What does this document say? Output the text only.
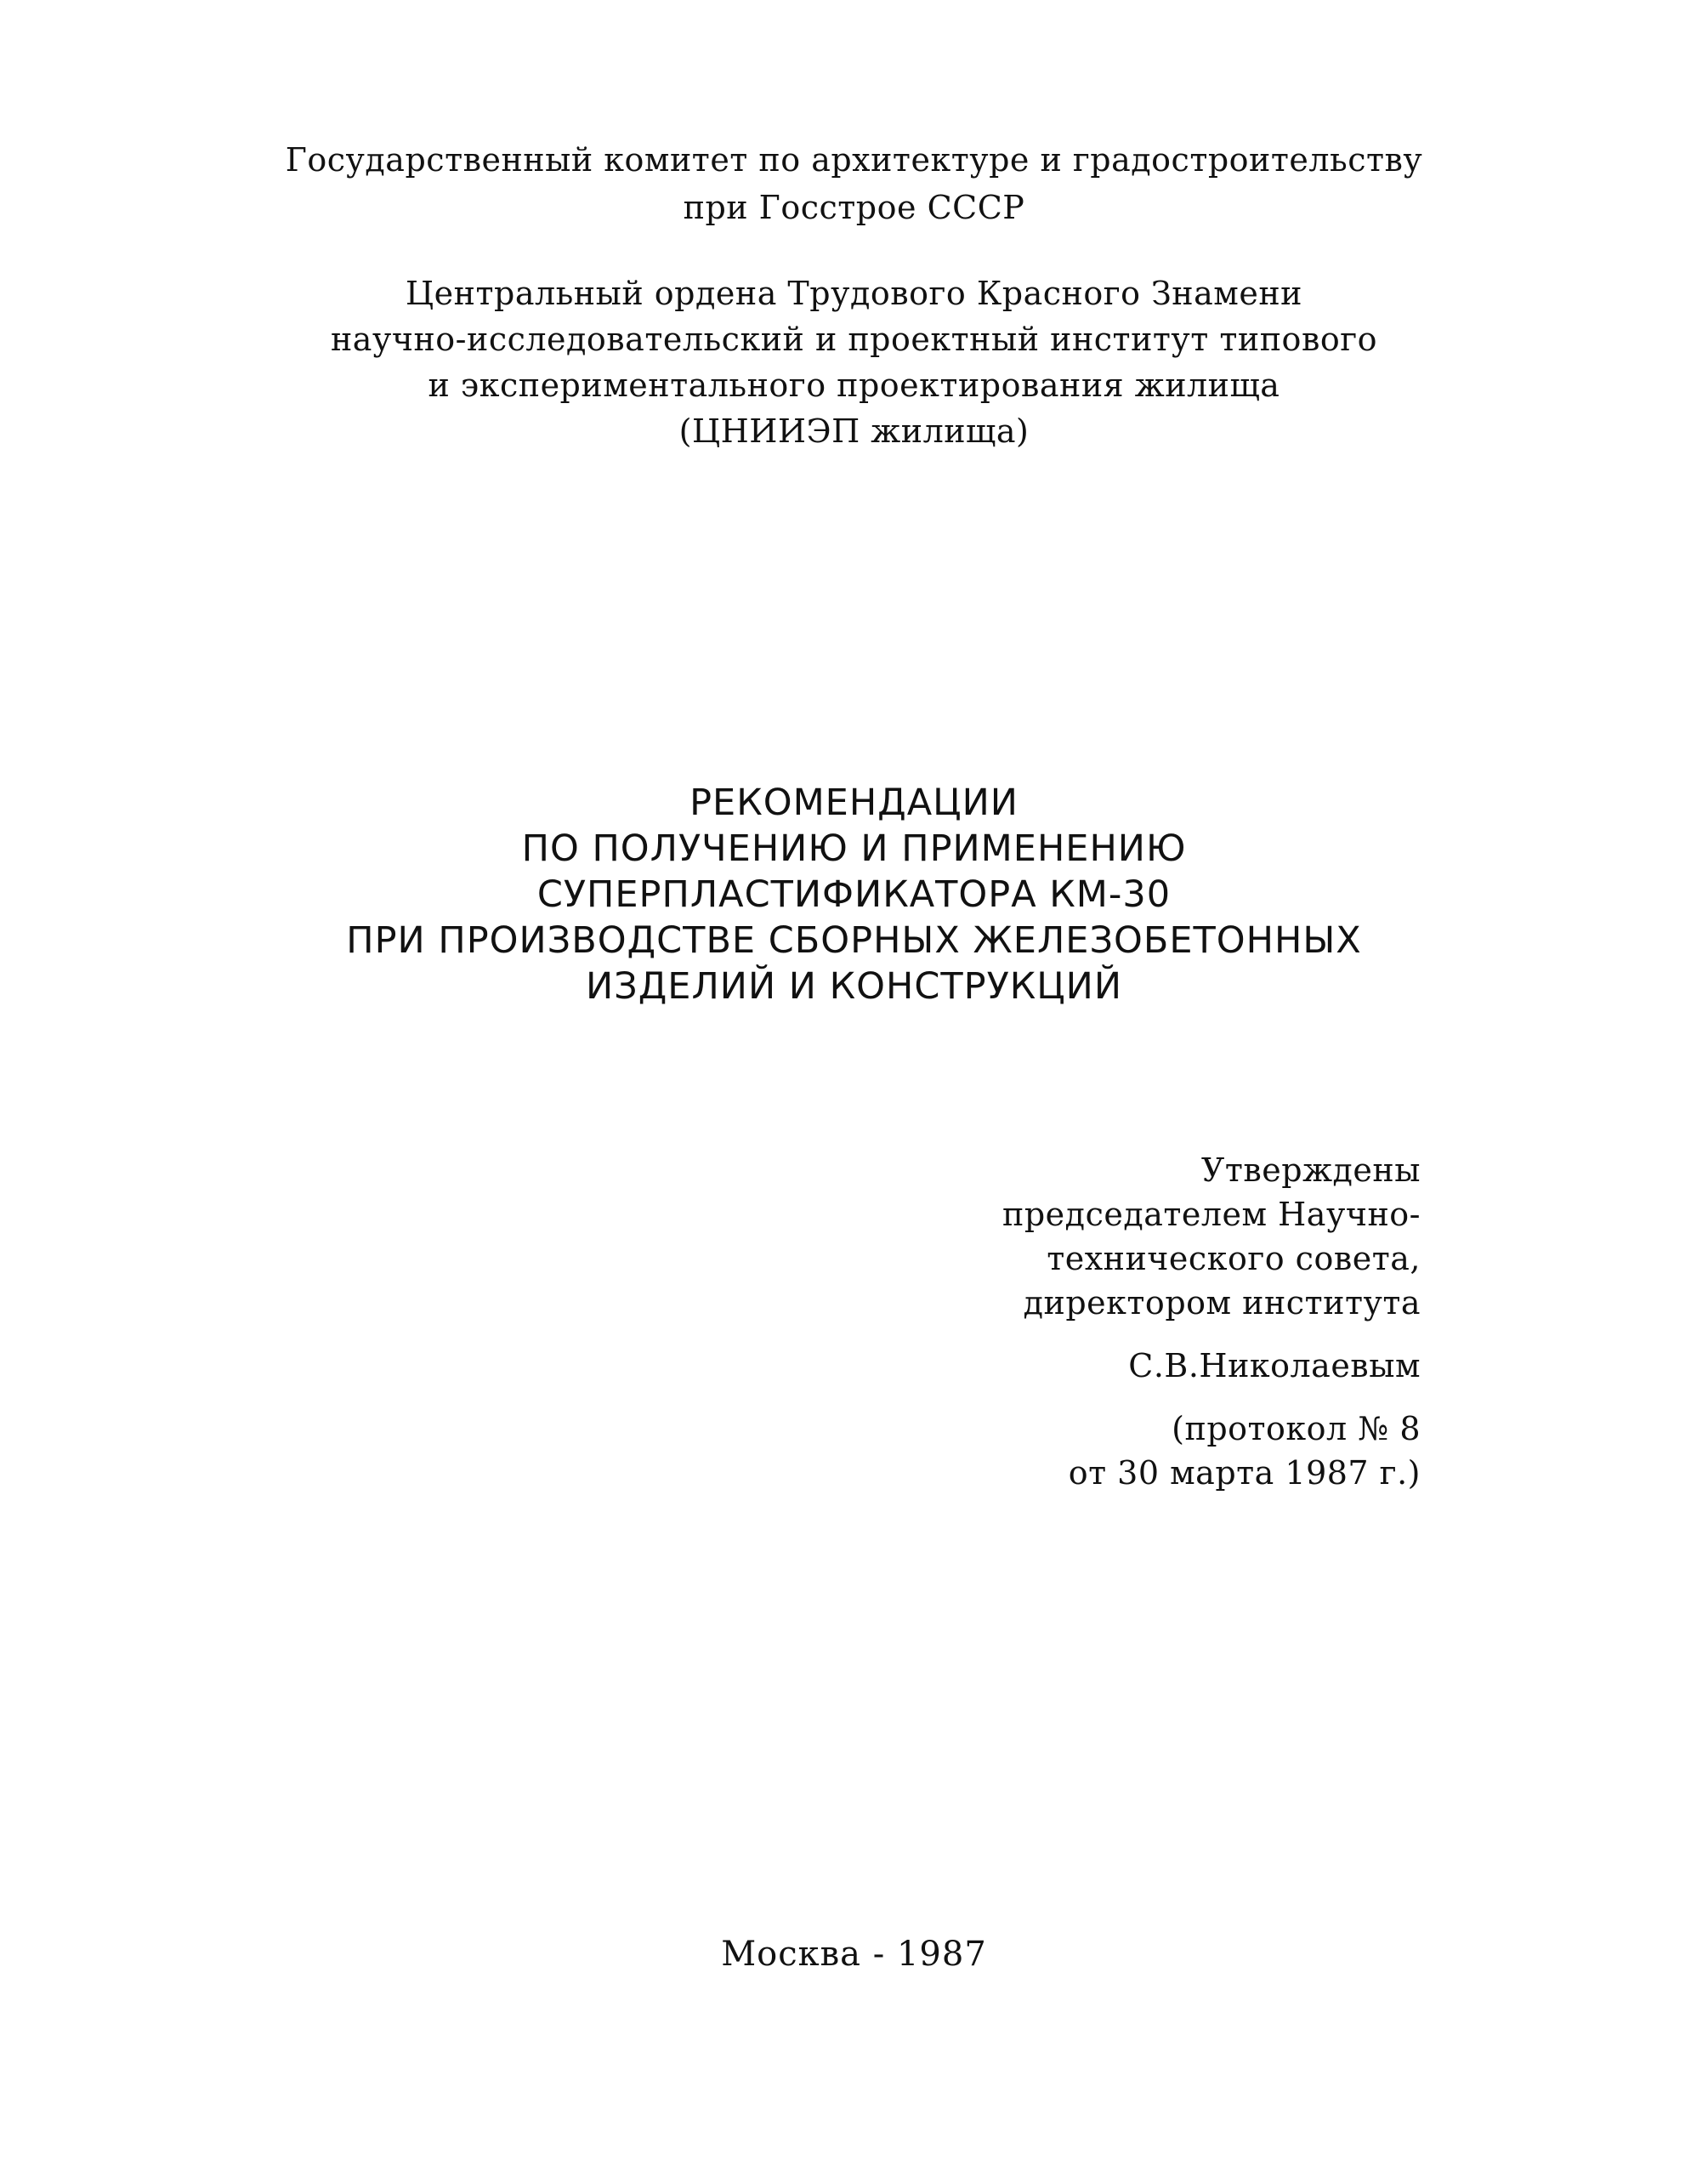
Государственный комитет по архитектуре и градостроительству
при Госстрое СССР
Центральный ордена Трудового Красного Знамени
научно-исследовательский и проектный институт типового
и экспериментального проектирования жилища
(ЦНИИЭП жилища)
РЕКОМЕНДАЦИИ
ПО ПОЛУЧЕНИЮ И ПРИМЕНЕНИЮ
СУПЕРПЛАСТИФИКАТОРА КМ-30
ПРИ ПРОИЗВОДСТВЕ СБОРНЫХ ЖЕЛЕЗОБЕТОННЫХ
ИЗДЕЛИЙ И КОНСТРУКЦИЙ
Утверждены
председателем Научно-
технического совета,
директором института
С.В.Николаевым
(протокол № 8
от 30 марта 1987 г.)
Москва - 1987
